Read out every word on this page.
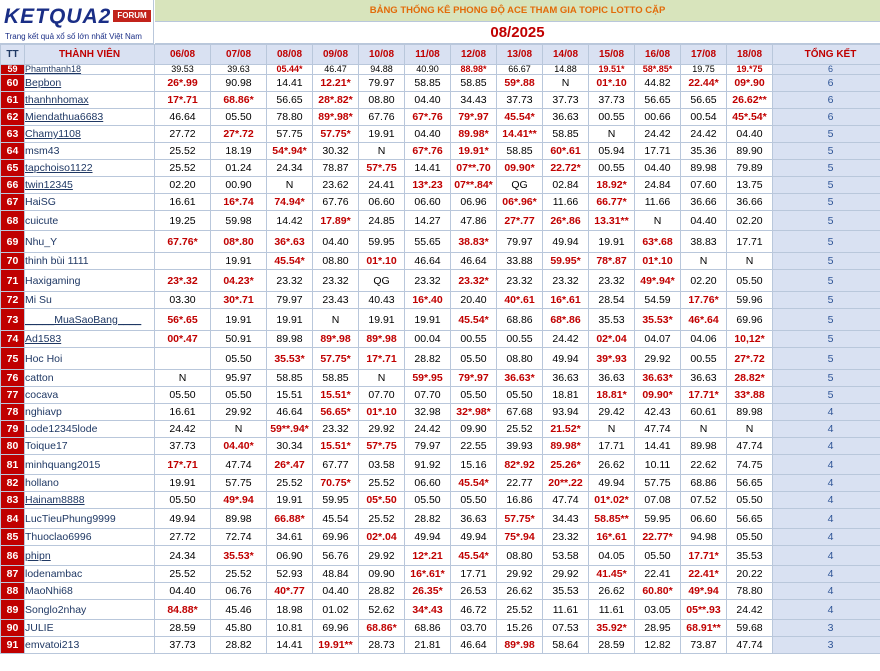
KETQUA2 FORUM
Trang kết quả xổ số lớn nhất Việt Nam
BẢNG THỐNG KÊ PHONG ĐỘ ACE THAM GIA TOPIC LOTTO CẶP
08/2025
TT	THÀNH VIÊN	06/08	07/08	08/08	09/08	10/08	11/08	12/08	13/08	14/08	15/08	16/08	17/08	18/08	TỔNG KẾT
59	Phamthanh18	39.53	39.63	05.44*	46.47	94.88	40.90	88.98*	66.67	14.88	19.51*	58*.85*	19.75	19.*75	6
60	Bepbon	26*.99	90.98	14.41	12.21*	79.97	58.85	58.85	59*.88	N	01*.10	44.82	22.44*	09*.90	6
61	thanhnhomax	17*.71	68.86*	56.65	28*.82*	08.80	04.40	34.43	37.73	37.73	37.73	56.65	56.65	26.62**	6
62	Miendathua6683	46.64	05.50	78.80	89*.98*	67.76	67*.76	79*.97	45.54*	36.63	00.55	00.66	00.54	45*.54*	6
63	Chamy1108	27.72	27*.72	57.75	57.75*	19.91	04.40	89.98*	14.41**	58.85	N	24.42	24.42	04.40	5
64	msm43	25.52	18.19	54*.94*	30.32	N	67*.76	19.91*	58.85	60*.61	05.94	17.71	35.36	89.90	5
65	tapchoiso1122	25.52	01.24	24.34	78.87	57*.75	14.41	07**.70	09.90*	22.72*	00.55	04.40	89.98	79.89	5
66	twin12345	02.20	00.90	N	23.62	24.41	13*.23	07**.84*	QG	02.84	18.92*	24.84	07.60	13.75	5
67	HaiSG	16.61	16*.74	74.94*	67.76	06.60	06.60	06.96	06*.96*	11.66	66.77*	11.66	36.66	36.66	5
68	cuicute	19.25	59.98	14.42	17.89*	24.85	14.27	47.86	27*.77	26*.86	13.31**	N	04.40	02.20	5
69	Nhu_Y	67.76*	08*.80	36*.63	04.40	59.95	55.65	38.83*	79.97	49.94	19.91	63*.68	38.83	17.71	5
70	thinh bùi 1111		19.91	45.54*	08.80	01*.10	46.64	46.64	33.88	59.95*	78*.87	01*.10	N	N	5
71	Haxigaming	23*.32	04.23*	23.32	23.32	QG	23.32	23.32*	23.32	23.32	23.32	49*.94*	02.20	05.50	5
72	Mi Su	03.30	30*.71	79.97	23.43	40.43	16*.40	20.40	40*.61	16*.61	28.54	54.59	17.76*	59.96	5
73	_____MuaSaoBang____	56*.65	19.91	19.91	N	19.91	19.91	45.54*	68.86	68*.86	35.53	35.53*	46*.64	69.96	5
74	Ad1583	00*.47	50.91	89.98	89*.98	89*.98	00.04	00.55	00.55	24.42	02*.04	04.07	04.06	10,12*	5
75	Hoc Hoi		05.50	35.53*	57.75*	17*.71	28.82	05.50	08.80	49.94	39*.93	29.92	00.55	27*.72	5
76	catton	N	95.97	58.85	58.85	N	59*.95	79*.97	36.63*	36.63	36.63	36.63*	36.63	28.82*	5
77	cocava	05.50	05.50	15.51	15.51*	07.70	07.70	05.50	05.50	18.81	18.81*	09.90*	17.71*	33*.88	5
78	nghiavp	16.61	29.92	46.64	56.65*	01*.10	32.98	32*.98*	67.68	93.94	29.42	42.43	60.61	89.98	4
79	Lode12345lode	24.42	N	59**.94*	23.32	29.92	24.42	09.90	25.52	21.52*	N	47.74	N	N	4
80	Toique17	37.73	04.40*	30.34	15.51*	57*.75	79.97	22.55	39.93	89.98*	17.71	14.41	89.98	47.74	4
81	minhquang2015	17*.71	47.74	26*.47	67.77	03.58	91.92	15.16	82*.92	25.26*	26.62	10.11	22.62	74.75	4
82	hollano	19.91	57.75	25.52	70.75*	25.52	06.60	45.54*	22.77	20**.22	49.94	57.75	68.86	56.65	4
83	Hainam8888	05.50	49*.94	19.91	59.95	05*.50	05.50	05.50	16.86	47.74	01*.02*	07.08	07.52	05.50	4
84	LucTieuPhung9999	49.94	89.98	66.88*	45.54	25.52	28.82	36.63	57.75*	34.43	58.85**	59.95	06.60	56.65	4
85	Thuoclao6996	27.72	72.74	34.61	69.96	02*.04	49.94	49.94	75*.94	23.32	16*.61	22.77*	94.98	05.50	4
86	phipn	24.34	35.53*	06.90	56.76	29.92	12*.21	45.54*	08.80	53.58	04.05	05.50	17.71*	35.53	4
87	lodenambac	25.52	25.52	52.93	48.84	09.90	16*.61*	17.71	29.92	29.92	41.45*	22.41	22.41*	20.22	4
88	MaoNhi68	04.40	06.76	40*.77	04.40	28.82	26.35*	26.53	26.62	35.53	26.62	60.80*	49*.94	78.80	4
89	Songlo2nhay	84.88*	45.46	18.98	01.02	52.62	34*.43	46.72	25.52	11.61	11.61	03.05	05**.93	24.42	4
90	JULIE	28.59	45.80	10.81	69.96	68.86*	68.86	03.70	15.26	07.53	35.92*	28.95	68.91**	59.68	3
91	emvatoi213	37.73	28.82	14.41	19.91**	28.73	21.81	46.64	89*.98	58.64	28.59	12.82	73.87	47.74	3
